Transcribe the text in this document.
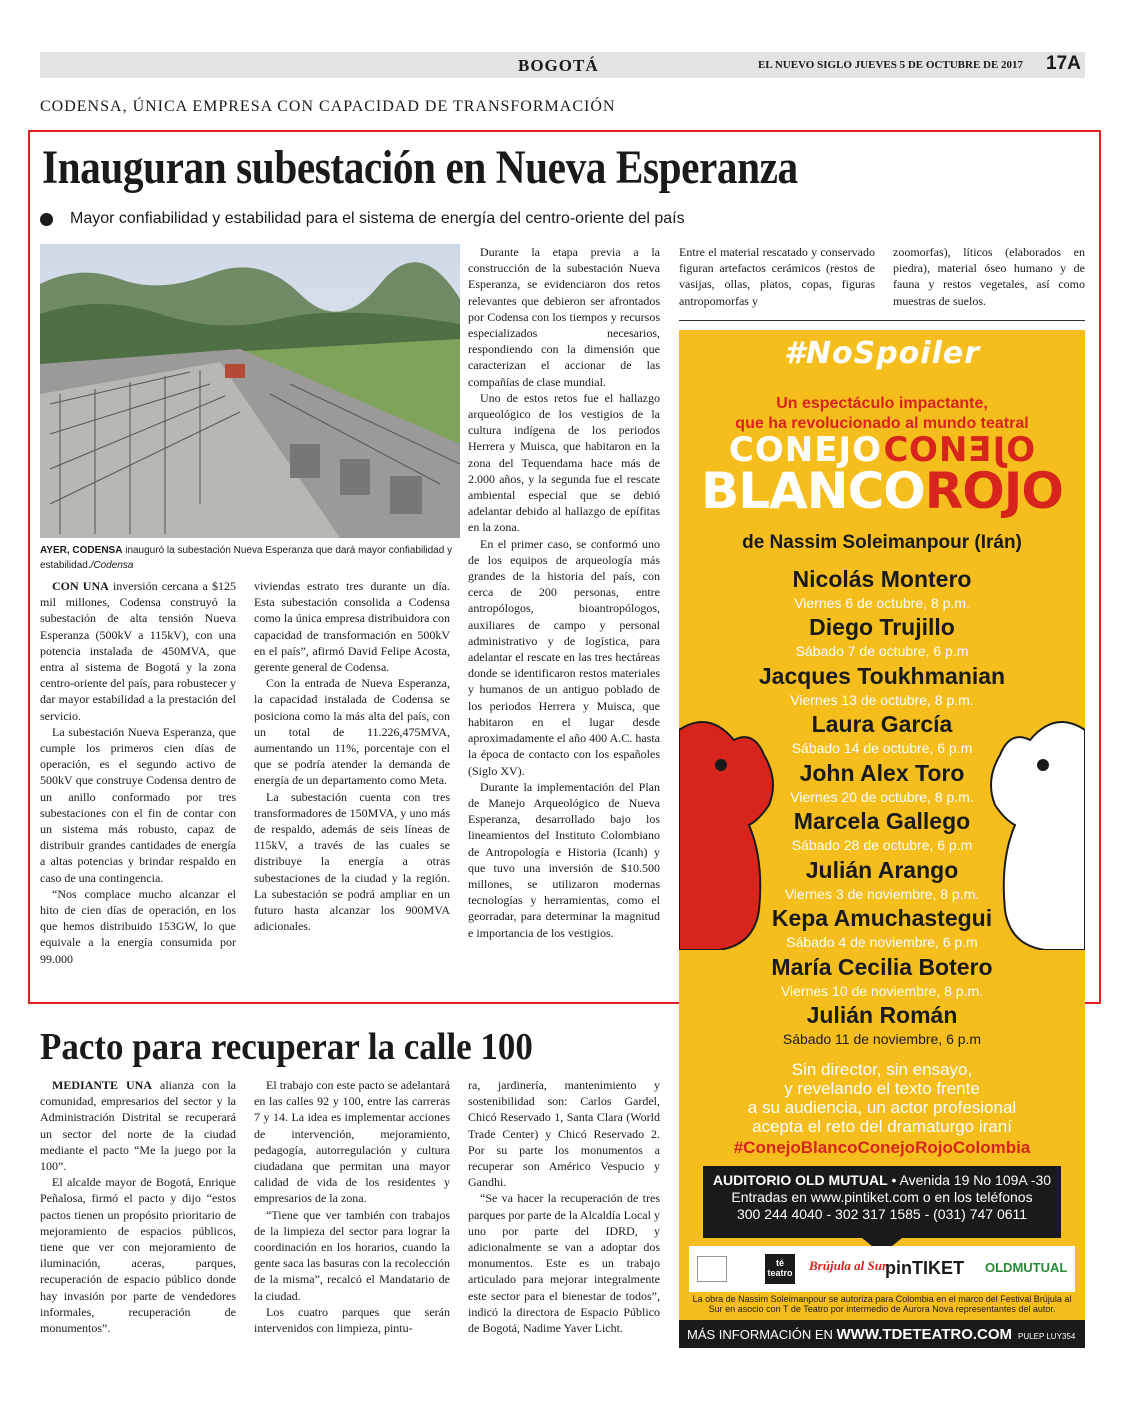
BOGOTÁ	EL NUEVO SIGLO JUEVES 5 DE OCTUBRE DE 2017 17A
CODENSA, ÚNICA EMPRESA CON CAPACIDAD DE TRANSFORMACIÓN
Inauguran subestación en Nueva Esperanza
Mayor confiabilidad y estabilidad para el sistema de energía del centro-oriente del país
AYER, CODENSA inauguró la subestación Nueva Esperanza que dará mayor confiabilidad y estabilidad./Codensa

CON UNA inversión cercana a $125 mil millones, Codensa construyó la subestación de alta tensión Nueva Esperanza (500kV a 115kV), con una potencia instalada de 450MVA, que entra al sistema de Bogotá y la zona centro-oriente del país, para robustecer y dar mayor estabilidad a la prestación del servicio.

La subestación Nueva Esperanza, que cumple los primeros cien días de operación, es el segundo activo de 500kV que construye Codensa dentro de un anillo conformado por tres subestaciones con el fin de contar con un sistema más robusto, capaz de distribuir grandes cantidades de energía a altas potencias y brindar respaldo en caso de una contingencia.

“Nos complace mucho alcanzar el hito de cien días de operación, en los que hemos distribuido 153GW, lo que equivale a la energía consumida por 99.000

viviendas estrato tres durante un día. Esta subestación consolida a Codensa como la única empresa distribuidora con capacidad de transformación en 500kV en el país”, afirmó David Felipe Acosta, gerente general de Codensa.

Con la entrada de Nueva Esperanza, la capacidad instalada de Codensa se posiciona como la más alta del país, con un total de 11.226,475MVA, aumentando un 11%, porcentaje con el que se podría atender la demanda de energía de un departamento como Meta.

La subestación cuenta con tres transformadores de 150MVA, y uno más de respaldo, además de seis líneas de 115kV, a través de las cuales se distribuye la energía a otras subestaciones de la ciudad y la región. La subestación se podrá ampliar en un futuro hasta alcanzar los 900MVA adicionales.

Durante la etapa previa a la construcción de la subestación Nueva Esperanza, se evidenciaron dos retos relevantes que debieron ser afrontados por Codensa con los tiempos y recursos especializados necesarios, respondiendo con la dimensión que caracterizan el accionar de las compañías de clase mundial.

Uno de estos retos fue el hallazgo arqueológico de los vestigios de la cultura indígena de los periodos Herrera y Muisca, que habitaron en la zona del Tequendama hace más de 2.000 años, y la segunda fue el rescate ambiental especial que se debió adelantar debido al hallazgo de epífitas en la zona.

En el primer caso, se conformó uno de los equipos de arqueología más grandes de la historia del país, con cerca de 200 personas, entre antropólogos, bioantropólogos, auxiliares de campo y personal administrativo y de logística, para adelantar el rescate en las tres hectáreas donde se identificaron restos materiales y humanos de un antiguo poblado de los periodos Herrera y Muisca, que habitaron en el lugar desde aproximadamente el año 400 A.C. hasta la época de contacto con los españoles (Siglo XV).

Durante la implementación del Plan de Manejo Arqueológico de Nueva Esperanza, desarrollado bajo los lineamientos del Instituto Colombiano de Antropología e Historia (Icanh) y que tuvo una inversión de $10.500 millones, se utilizaron modernas tecnologías y herramientas, como el georradar, para determinar la magnitud e importancia de los vestigios.

Entre el material rescatado y conservado figuran artefactos cerámicos (restos de vasijas, ollas, platos, copas, figuras antropomorfas y
zoomorfas), líticos (elaborados en piedra), material óseo humano y de fauna y restos vegetales, así como muestras de suelos.
#NoSpoiler
Un espectáculo impactante,
que ha revolucionado al mundo teatral
CONEJOOJEИOƆ
BLANCOROJO
de Nassim Soleimanpour (Irán)
Nicolás Montero
Viernes 6 de octubre, 8 p.m.
Diego Trujillo
Sábado 7 de octubre, 6 p.m
Jacques Toukhmanian
Viernes 13 de octubre, 8 p.m.
Laura García
Sábado 14 de octubre, 6 p.m
John Alex Toro
Viernes 20 de octubre, 8 p.m.
Marcela Gallego
Sábado 28 de octubre, 6 p.m
Julián Arango
Viernes 3 de noviembre, 8 p.m.
Kepa Amuchastegui
Sábado 4 de noviembre, 6 p.m
María Cecilia Botero
Viernes 10 de noviembre, 8 p.m.
Julián Román
Sábado 11 de noviembre, 6 p.m
Sin director, sin ensayo,
y revelando el texto frente
a su audiencia, un actor profesional
acepta el reto del dramaturgo iraní
#ConejoBlancoConejoRojoColombia
AUDITORIO OLD MUTUAL • Avenida 19 No 109A -30
Entradas en www.pintiket.com o en los teléfonos
300 244 4040 - 302 317 1585 - (031) 747 0611
té teatro Brújula al Sur
pinTIKET OLDMUTUAL
La obra de Nassim Soleimanpour se autoriza para Colombia en el marco del Festival Brújula al Sur en asocio con T de Teatro por intermedio de Aurora Nova representantes del autor.
MÁS INFORMACIÓN EN WWW.TDETEATRO.COM PULEP LUY354
Pacto para recuperar la calle 100

MEDIANTE UNA alianza con la comunidad, empresarios del sector y la Administración Distrital se recuperará un sector del norte de la ciudad mediante el pacto “Me la juego por la 100”.

El alcalde mayor de Bogotá, Enrique Peñalosa, firmó el pacto y dijo “estos pactos tienen un propósito prioritario de mejoramiento de espacios públicos, tiene que ver con mejoramiento de iluminación, aceras, parques, recuperación de espacio público donde hay invasión por parte de vendedores informales, recuperación de monumentos”.

El trabajo con este pacto se adelantará en las calles 92 y 100, entre las carreras 7 y 14. La idea es implementar acciones de intervención, mejoramiento, pedagogía, autorregulación y cultura ciudadana que permitan una mayor calidad de vida de los residentes y empresarios de la zona.

“Tiene que ver también con trabajos de la limpieza del sector para lograr la coordinación en los horarios, cuando la gente saca las basuras con la recolección de la misma”, recalcó el Mandatario de la ciudad.

Los cuatro parques que serán intervenidos con limpieza, pintu-

ra, jardinería, mantenimiento y sostenibilidad son: Carlos Gardel, Chicó Reservado 1, Santa Clara (World Trade Center) y Chicó Reservado 2. Por su parte los monumentos a recuperar son Américo Vespucio y Gandhi.

“Se va hacer la recuperación de tres parques por parte de la Alcaldía Local y uno por parte del IDRD, y adicionalmente se van a adoptar dos monumentos. Este es un trabajo articulado para mejorar integralmente este sector para el bienestar de todos”, indicó la directora de Espacio Público de Bogotá, Nadime Yaver Licht.
